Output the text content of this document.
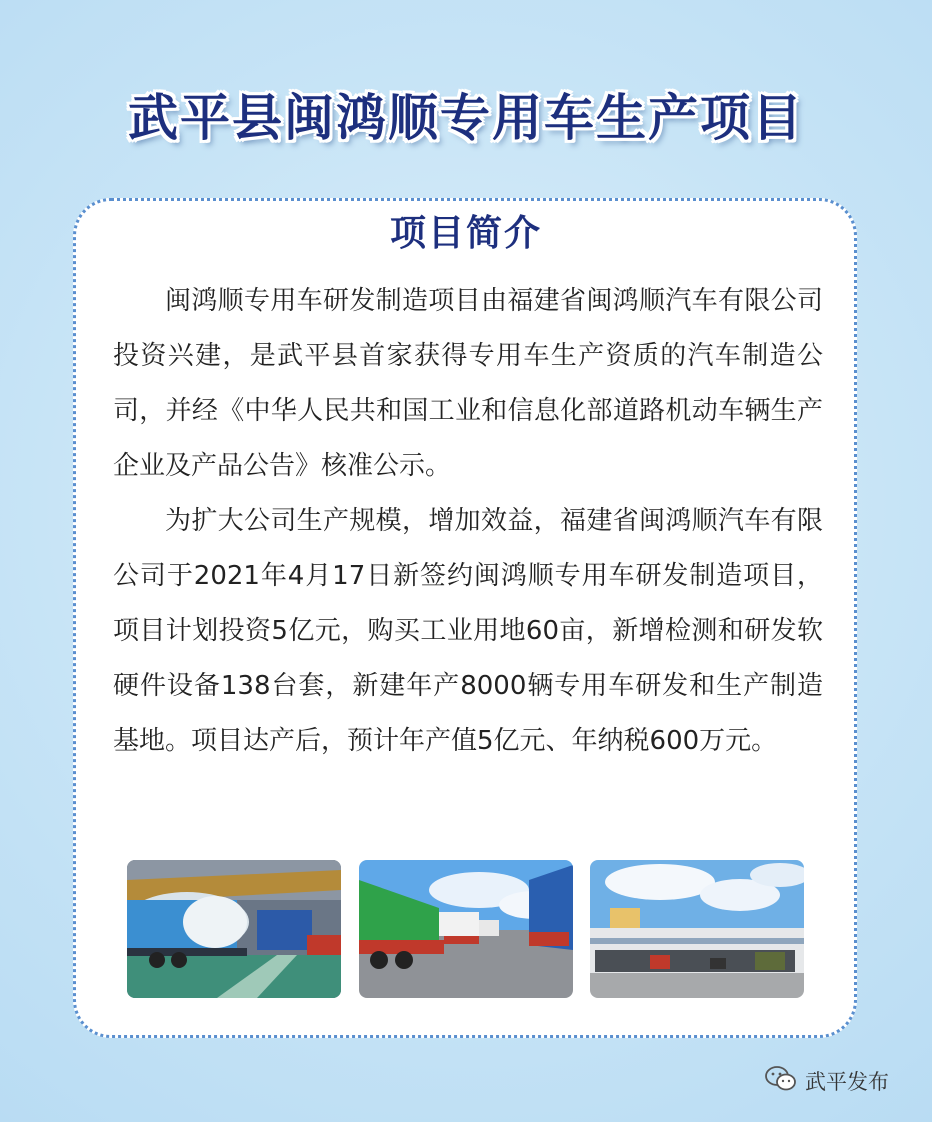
武平县闽鸿顺专用车生产项目
项目简介

闽鸿顺专用车研发制造项目由福建省闽鸿顺汽车有限公司投资兴建，是武平县首家获得专用车生产资质的汽车制造公司，并经《中华人民共和国工业和信息化部道路机动车辆生产企业及产品公告》核准公示。

为扩大公司生产规模，增加效益，福建省闽鸿顺汽车有限公司于2021年4月17日新签约闽鸿顺专用车研发制造项目，项目计划投资5亿元，购买工业用地60亩，新增检测和研发软硬件设备138台套，新建年产8000辆专用车研发和生产制造基地。项目达产后，预计年产值5亿元、年纳税600万元。

武平发布
